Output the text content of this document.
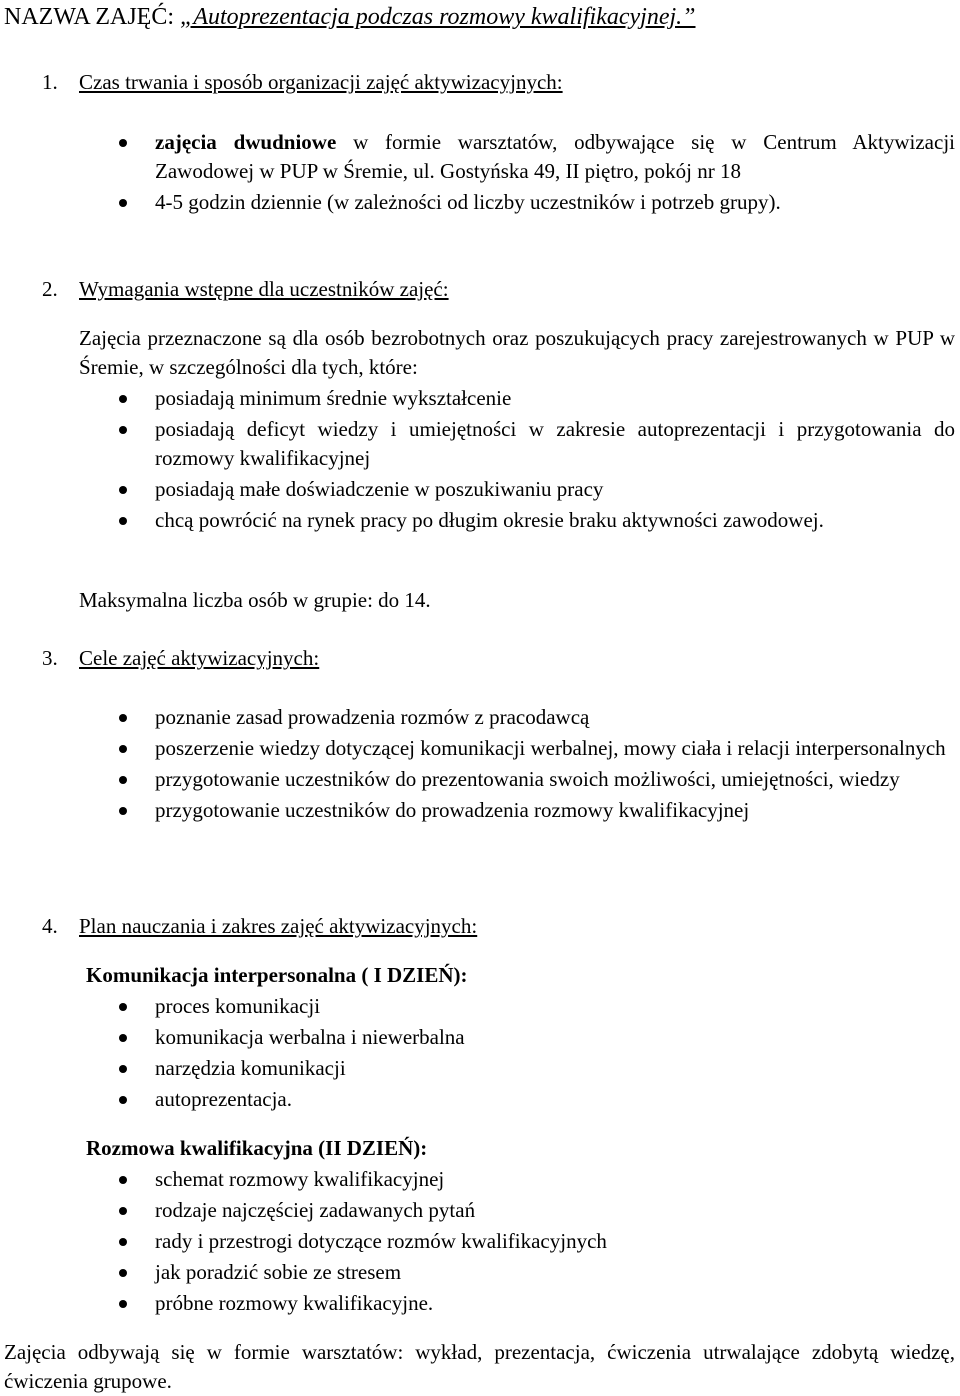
NAZWA ZAJĘĆ: „Autoprezentacja podczas rozmowy kwalifikacyjnej.”
1. Czas trwania i sposób organizacji zajęć aktywizacyjnych:
zajęcia dwudniowe w formie warsztatów, odbywające się w Centrum Aktywizacji Zawodowej w PUP w Śremie, ul. Gostyńska 49, II piętro, pokój nr 18
4-5 godzin dziennie (w zależności od liczby uczestników i potrzeb grupy).
2. Wymagania wstępne dla uczestników zajęć:
Zajęcia przeznaczone są dla osób bezrobotnych oraz poszukujących pracy zarejestrowanych w PUP w Śremie, w szczególności dla tych, które:
posiadają minimum średnie wykształcenie
posiadają deficyt wiedzy i umiejętności w zakresie autoprezentacji i przygotowania do rozmowy kwalifikacyjnej
posiadają małe doświadczenie w poszukiwaniu pracy
chcą powrócić na rynek pracy po długim okresie braku aktywności zawodowej.
Maksymalna liczba osób w grupie: do 14.
3. Cele zajęć aktywizacyjnych:
poznanie zasad prowadzenia rozmów z pracodawcą
poszerzenie wiedzy dotyczącej komunikacji werbalnej, mowy ciała i relacji interpersonalnych
przygotowanie uczestników do prezentowania swoich możliwości, umiejętności, wiedzy
przygotowanie uczestników do prowadzenia rozmowy kwalifikacyjnej
4. Plan nauczania i zakres zajęć aktywizacyjnych:
Komunikacja interpersonalna ( I DZIEŃ):
proces komunikacji
komunikacja werbalna i niewerbalna
narzędzia komunikacji
autoprezentacja.
Rozmowa kwalifikacyjna (II DZIEŃ):
schemat rozmowy kwalifikacyjnej
rodzaje najczęściej zadawanych pytań
rady i przestrogi dotyczące rozmów kwalifikacyjnych
jak poradzić sobie ze stresem
próbne rozmowy kwalifikacyjne.
Zajęcia odbywają się w formie warsztatów: wykład, prezentacja, ćwiczenia utrwalające zdobytą wiedzę, ćwiczenia grupowe.
